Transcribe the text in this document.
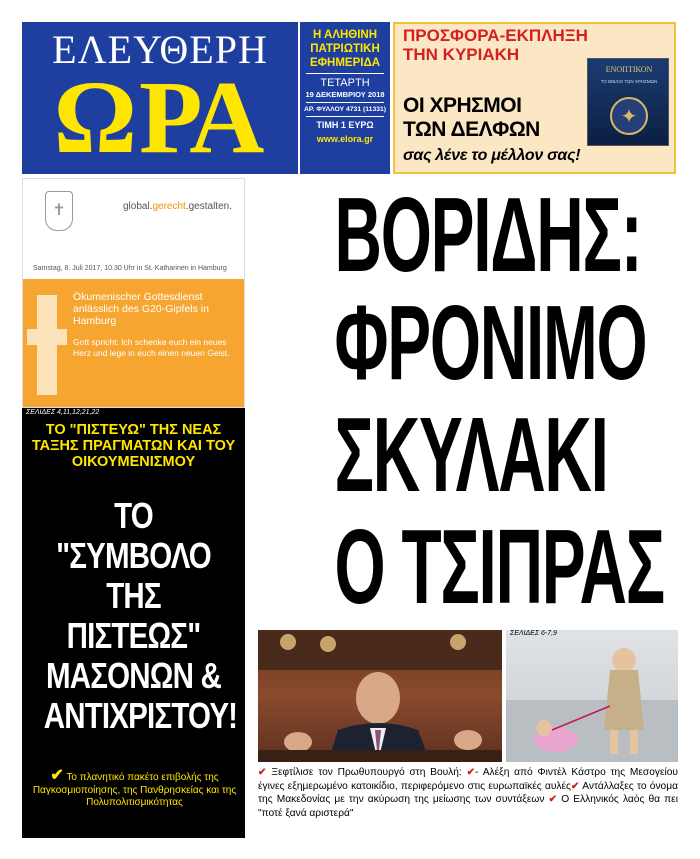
ΕΛΕΥΘΕΡΗ
ΩΡΑ
Η ΑΛΗΘΙΝΗ
ΠΑΤΡΙΩΤΙΚΗ
ΕΦΗΜΕΡΙΔΑ
ΤΕΤΑΡΤΗ
19 ΔΕΚΕΜΒΡΙΟΥ 2018
ΑΡ. ΦΥΛΛΟΥ 4731 (11331)
ΤΙΜΗ 1 ΕΥΡΩ
www.elora.gr
ΠΡΟΣΦΟΡΑ-ΕΚΠΛΗΞΗ
ΤΗΝ ΚΥΡΙΑΚΗ
ΟΙ ΧΡΗΣΜΟΙ
ΤΩΝ ΔΕΛΦΩΝ
σας λένε το μέλλον σας!
ΕΝΟΠΤΙΚΟΝ
ΤΟ ΒΙΒΛΙΟ ΤΩΝ ΧΡΗΣΜΩΝ
✦
✝	global.gerecht.gestalten.
Samstag, 8. Juli 2017, 10.30 Uhr in St. Katharinen in Hamburg
Ökumenischer Gottesdienst anlässlich des G20-Gipfels in Hamburg
Gott spricht: Ich schenke euch ein neues Herz und lege in euch einen neuen Geist.
ΣΕΛΙΔΕΣ 4,11,12,21,22
ΤΟ "ΠΙΣΤΕΥΩ" ΤΗΣ ΝΕΑΣ ΤΑΞΗΣ ΠΡΑΓΜΑΤΩΝ ΚΑΙ ΤΟΥ ΟΙΚΟΥΜΕΝΙΣΜΟΥ
ΤΟ "ΣΥΜΒΟΛΟ
ΤΗΣ ΠΙΣΤΕΩΣ"
ΜΑΣΟΝΩΝ &
ΑΝΤΙΧΡΙΣΤΟΥ!
✔ Το πλανητικό πακέτο επιβολής της Παγκοσμιοποίησης, της Πανθρησκείας και της Πολυπολιτισμικότητας
ΒΟΡΙΔΗΣ:
ΦΡΟΝΙΜΟ
ΣΚΥΛΑΚΙ
Ο ΤΣΙΠΡΑΣ
ΣΕΛΙΔΕΣ 6-7,9
✔ Ξεφτίλισε τον Πρωθυπουργό στη Βουλή: ✔- Αλέξη από Φιντέλ Κάστρο της Μεσογείου έγινες εξημερωμένο κατοικίδιο, περιφερόμενο στις ευρωπαϊκές αυλές✔ Αντάλλαξες το όνομα της Μακεδονίας με την ακύρωση της μείωσης των συντάξεων ✔ Ο Ελληνικός λαός θα πει "ποτέ ξανά αριστερά"
